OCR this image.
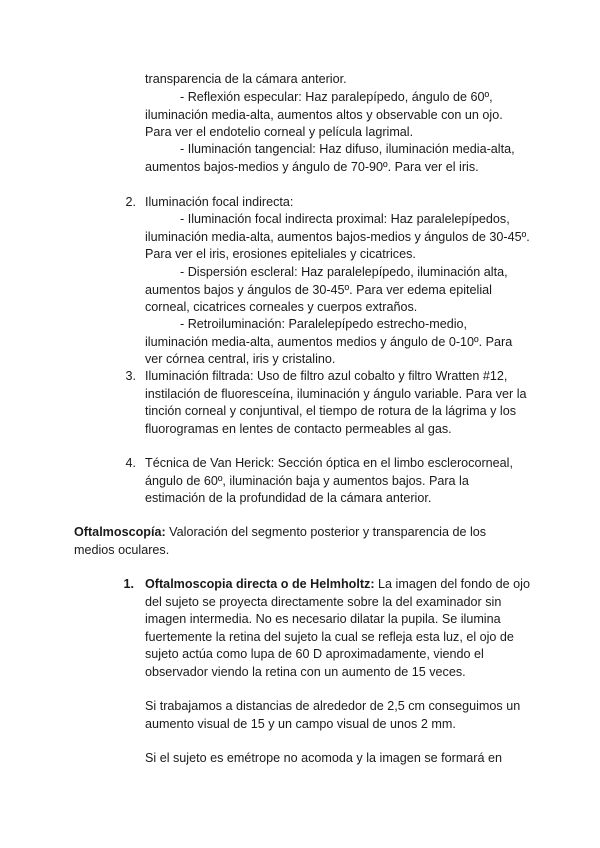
transparencia de la cámara anterior.

- Reflexión especular: Haz paralepípedo, ángulo de 60º, iluminación media-alta, aumentos altos y observable con un ojo. Para ver el endotelio corneal y película lagrimal.

- Iluminación tangencial: Haz difuso, iluminación media-alta, aumentos bajos-medios y ángulo de 70-90º. Para ver el iris.

2. Iluminación focal indirecta:

- Iluminación focal indirecta proximal: Haz paralelepípedos, iluminación media-alta, aumentos bajos-medios y ángulos de 30-45º. Para ver el iris, erosiones epiteliales y cicatrices.

- Dispersión escleral: Haz paralelepípedo, iluminación alta, aumentos bajos y ángulos de 30-45º. Para ver edema epitelial corneal, cicatrices corneales y cuerpos extraños.

- Retroiluminación: Paralelepípedo estrecho-medio, iluminación media-alta, aumentos medios y ángulo de 0-10º. Para ver córnea central, iris y cristalino.

3. Iluminación filtrada: Uso de filtro azul cobalto y filtro Wratten #12, instilación de fluoresceína, iluminación y ángulo variable. Para ver la tinción corneal y conjuntival, el tiempo de rotura de la lágrima y los fluorogramas en lentes de contacto permeables al gas.

4. Técnica de Van Herick: Sección óptica en el limbo esclerocorneal, ángulo de 60º, iluminación baja y aumentos bajos. Para la estimación de la profundidad de la cámara anterior.

Oftalmoscopía: Valoración del segmento posterior y transparencia de los medios oculares.

1. Oftalmoscopia directa o de Helmholtz: La imagen del fondo de ojo del sujeto se proyecta directamente sobre la del examinador sin imagen intermedia. No es necesario dilatar la pupila. Se ilumina fuertemente la retina del sujeto la cual se refleja esta luz, el ojo de sujeto actúa como lupa de 60 D aproximadamente, viendo el observador viendo la retina con un aumento de 15 veces.

Si trabajamos a distancias de alrededor de 2,5 cm conseguimos un aumento visual de 15 y un campo visual de unos 2 mm.

Si el sujeto es emétrope no acomoda y la imagen se formará en
